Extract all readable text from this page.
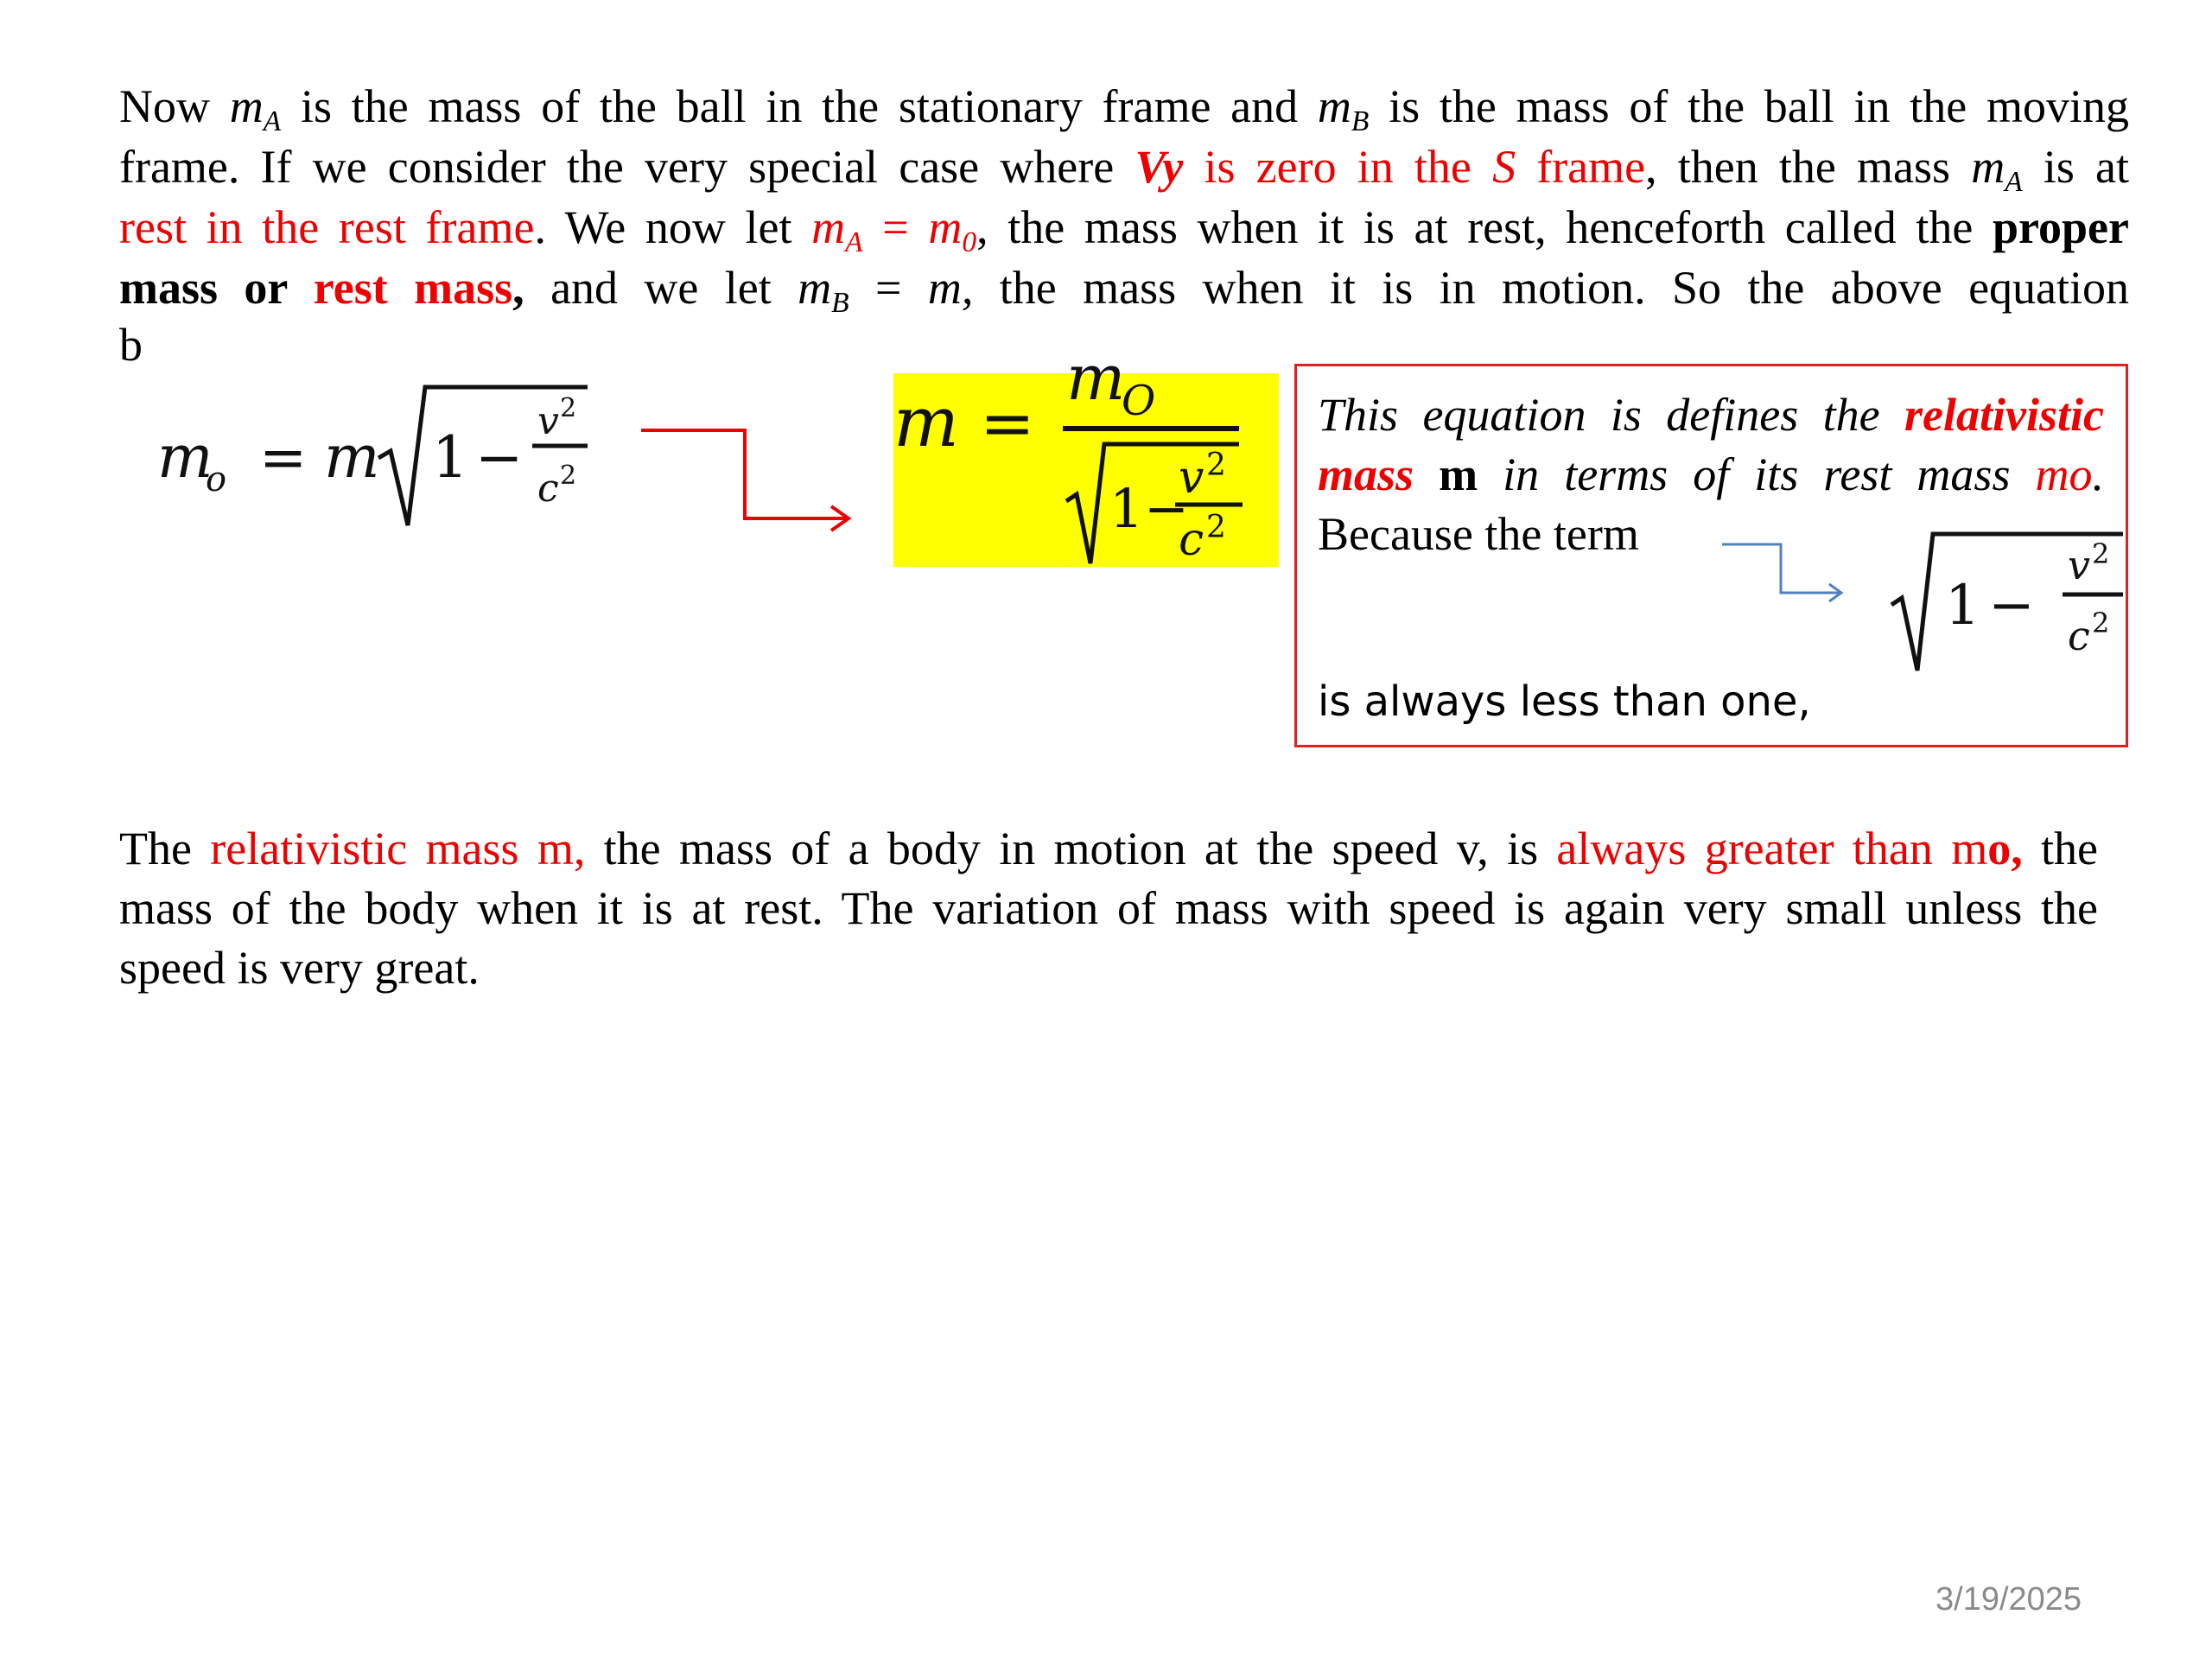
Now $m_A$ is the mass of the ball in the stationary frame and $m_B$ is the mass of the ball in the moving
frame. If we consider the very special case where Vy is zero in the S frame, then the mass $m_A$ is at
rest in the rest frame. We now let $m_A = m_0$, the mass when it is at rest, henceforth called the proper
mass or rest mass, and we let $m_B = m$, the mass when it is in motion. So the above equation
b
m
o = m 1 −
v 2
c 2
m =
m
O
1 −
v 2
c 2
This equation is defines the relativistic
mass m in terms of its rest mass mo.
Because the term
1 −
v 2
c 2
is always less than one,
The relativistic mass m, the mass of a body in motion at the speed v, is always greater than mo, the
mass of the body when it is at rest. The variation of mass with speed is again very small unless the
speed is very great.
3/19/2025
